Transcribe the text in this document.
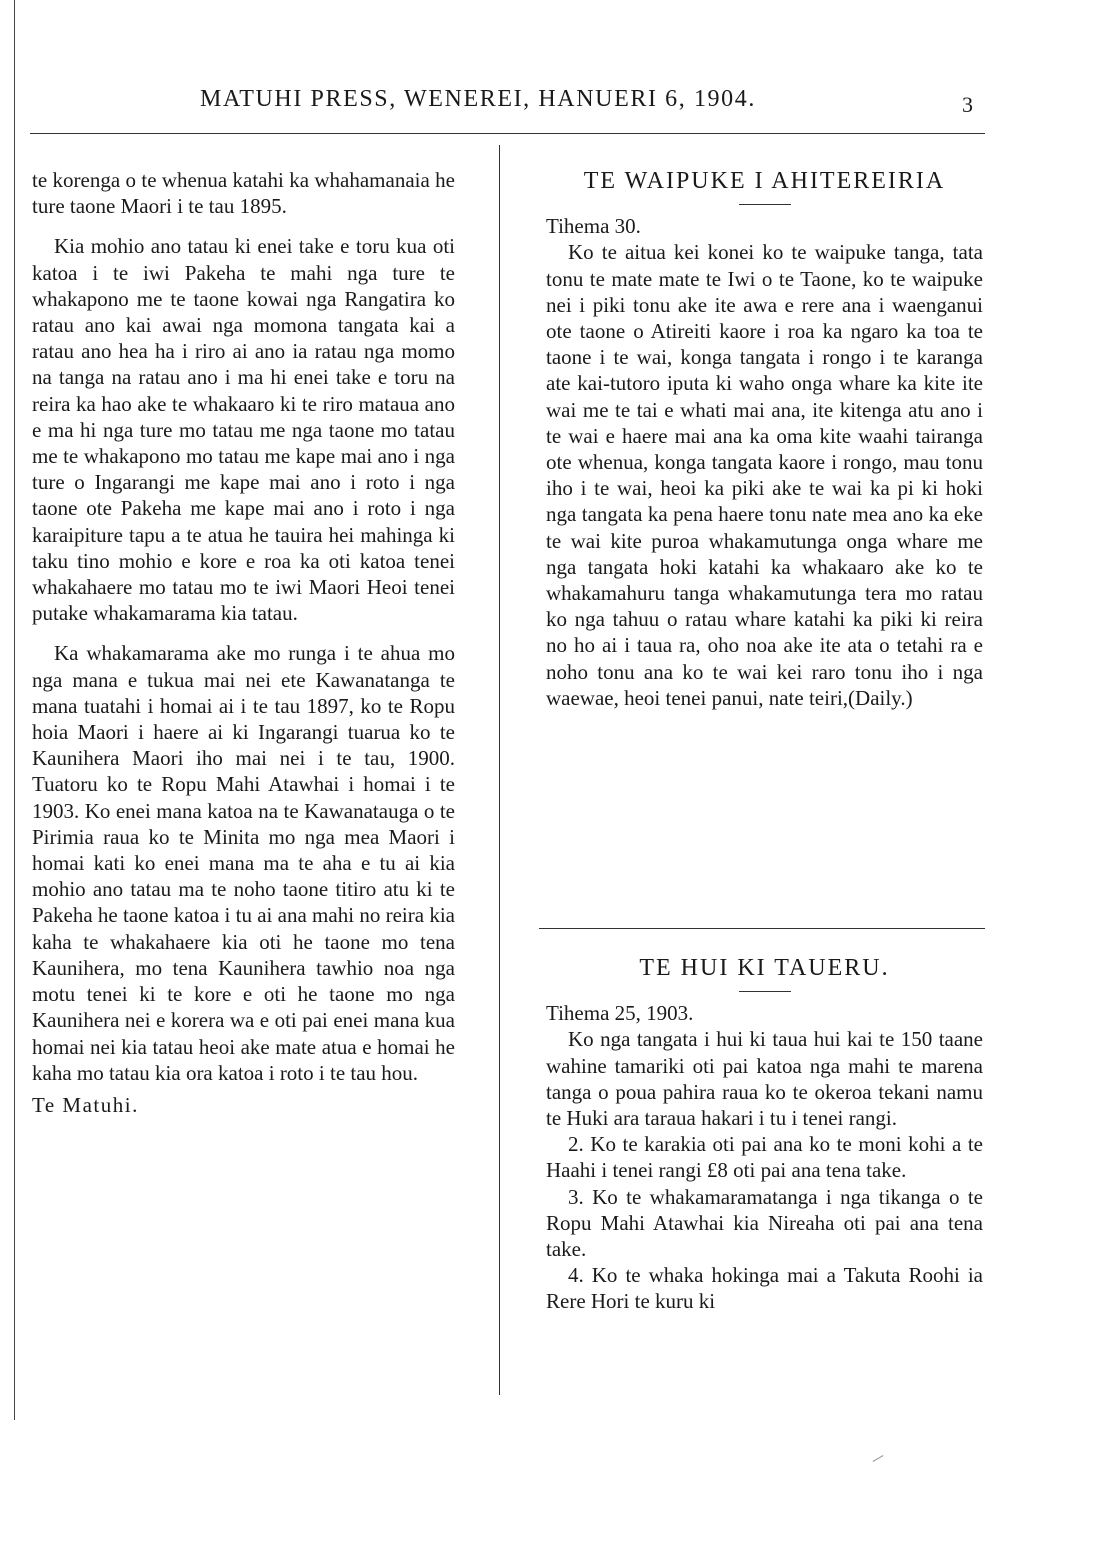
MATUHI PRESS, WENEREI, HANUERI 6, 1904.	3

te korenga o te whenua katahi ka whahamanaia he ture taone Maori i te tau 1895.

Kia mohio ano tatau ki enei take e toru kua oti katoa i te iwi Pakeha te mahi nga ture te whakapono me te taone kowai nga Rangatira ko ratau ano kai awai nga momona tangata kai a ratau ano hea ha i riro ai ano ia ratau nga momo na tanga na ratau ano i ma hi enei take e toru na reira ka hao ake te whakaaro ki te riro mataua ano e ma hi nga ture mo tatau me nga taone mo tatau me te whakapono mo tatau me kape mai ano i nga ture o Ingarangi me kape mai ano i roto i nga taone ote Pakeha me kape mai ano i roto i nga karaipiture tapu a te atua he tauira hei mahinga ki taku tino mohio e kore e roa ka oti katoa tenei whakahaere mo tatau mo te iwi Maori Heoi tenei putake whakamarama kia tatau.

Ka whakamarama ake mo runga i te ahua mo nga mana e tukua mai nei ete Kawanatanga te mana tuatahi i homai ai i te tau 1897, ko te Ropu hoia Maori i haere ai ki Ingarangi tuarua ko te Kaunihera Maori iho mai nei i te tau, 1900. Tuatoru ko te Ropu Mahi Atawhai i homai i te 1903. Ko enei mana katoa na te Kawanatauga o te Pirimia raua ko te Minita mo nga mea Maori i homai kati ko enei mana ma te aha e tu ai kia mohio ano tatau ma te noho taone titiro atu ki te Pakeha he taone katoa i tu ai ana mahi no reira kia kaha te whakahaere kia oti he taone mo tena Kaunihera, mo tena Kaunihera tawhio noa nga motu tenei ki te kore e oti he taone mo nga Kaunihera nei e korera wa e oti pai enei mana kua homai nei kia tatau heoi ake mate atua e homai he kaha mo tatau kia ora katoa i roto i te tau hou.

Te Matuhi.

TE WAIPUKE I AHITEREIRIA

Tihema 30.

Ko te aitua kei konei ko te waipuke tanga, tata tonu te mate mate te Iwi o te Taone, ko te waipuke nei i piki tonu ake ite awa e rere ana i waenganui ote taone o Atireiti kaore i roa ka ngaro ka toa te taone i te wai, konga tangata i rongo i te karanga ate kai-tutoro iputa ki waho onga whare ka kite ite wai me te tai e whati mai ana, ite kitenga atu ano i te wai e haere mai ana ka oma kite waahi tairanga ote whenua, konga tangata kaore i rongo, mau tonu iho i te wai, heoi ka piki ake te wai ka pi ki hoki nga tangata ka pena haere tonu nate mea ano ka eke te wai kite puroa whakamutunga onga whare me nga tangata hoki katahi ka whakaaro ake ko te whakamahuru tanga whakamutunga tera mo ratau ko nga tahuu o ratau whare katahi ka piki ki reira no ho ai i taua ra, oho noa ake ite ata o tetahi ra e noho tonu ana ko te wai kei raro tonu iho i nga waewae, heoi tenei panui, nate teiri,(Daily.)

TE HUI KI TAUERU.

Tihema 25, 1903.

Ko nga tangata i hui ki taua hui kai te 150 taane wahine tamariki oti pai katoa nga mahi te marena tanga o poua pahira raua ko te okeroa tekani namu te Huki ara taraua hakari i tu i tenei rangi.

2. Ko te karakia oti pai ana ko te moni kohi a te Haahi i tenei rangi £8 oti pai ana tena take.

3. Ko te whakamaramatanga i nga tikanga o te Ropu Mahi Atawhai kia Nireaha oti pai ana tena take.

4. Ko te whaka hokinga mai a Takuta Roohi ia Rere Hori te kuru ki
